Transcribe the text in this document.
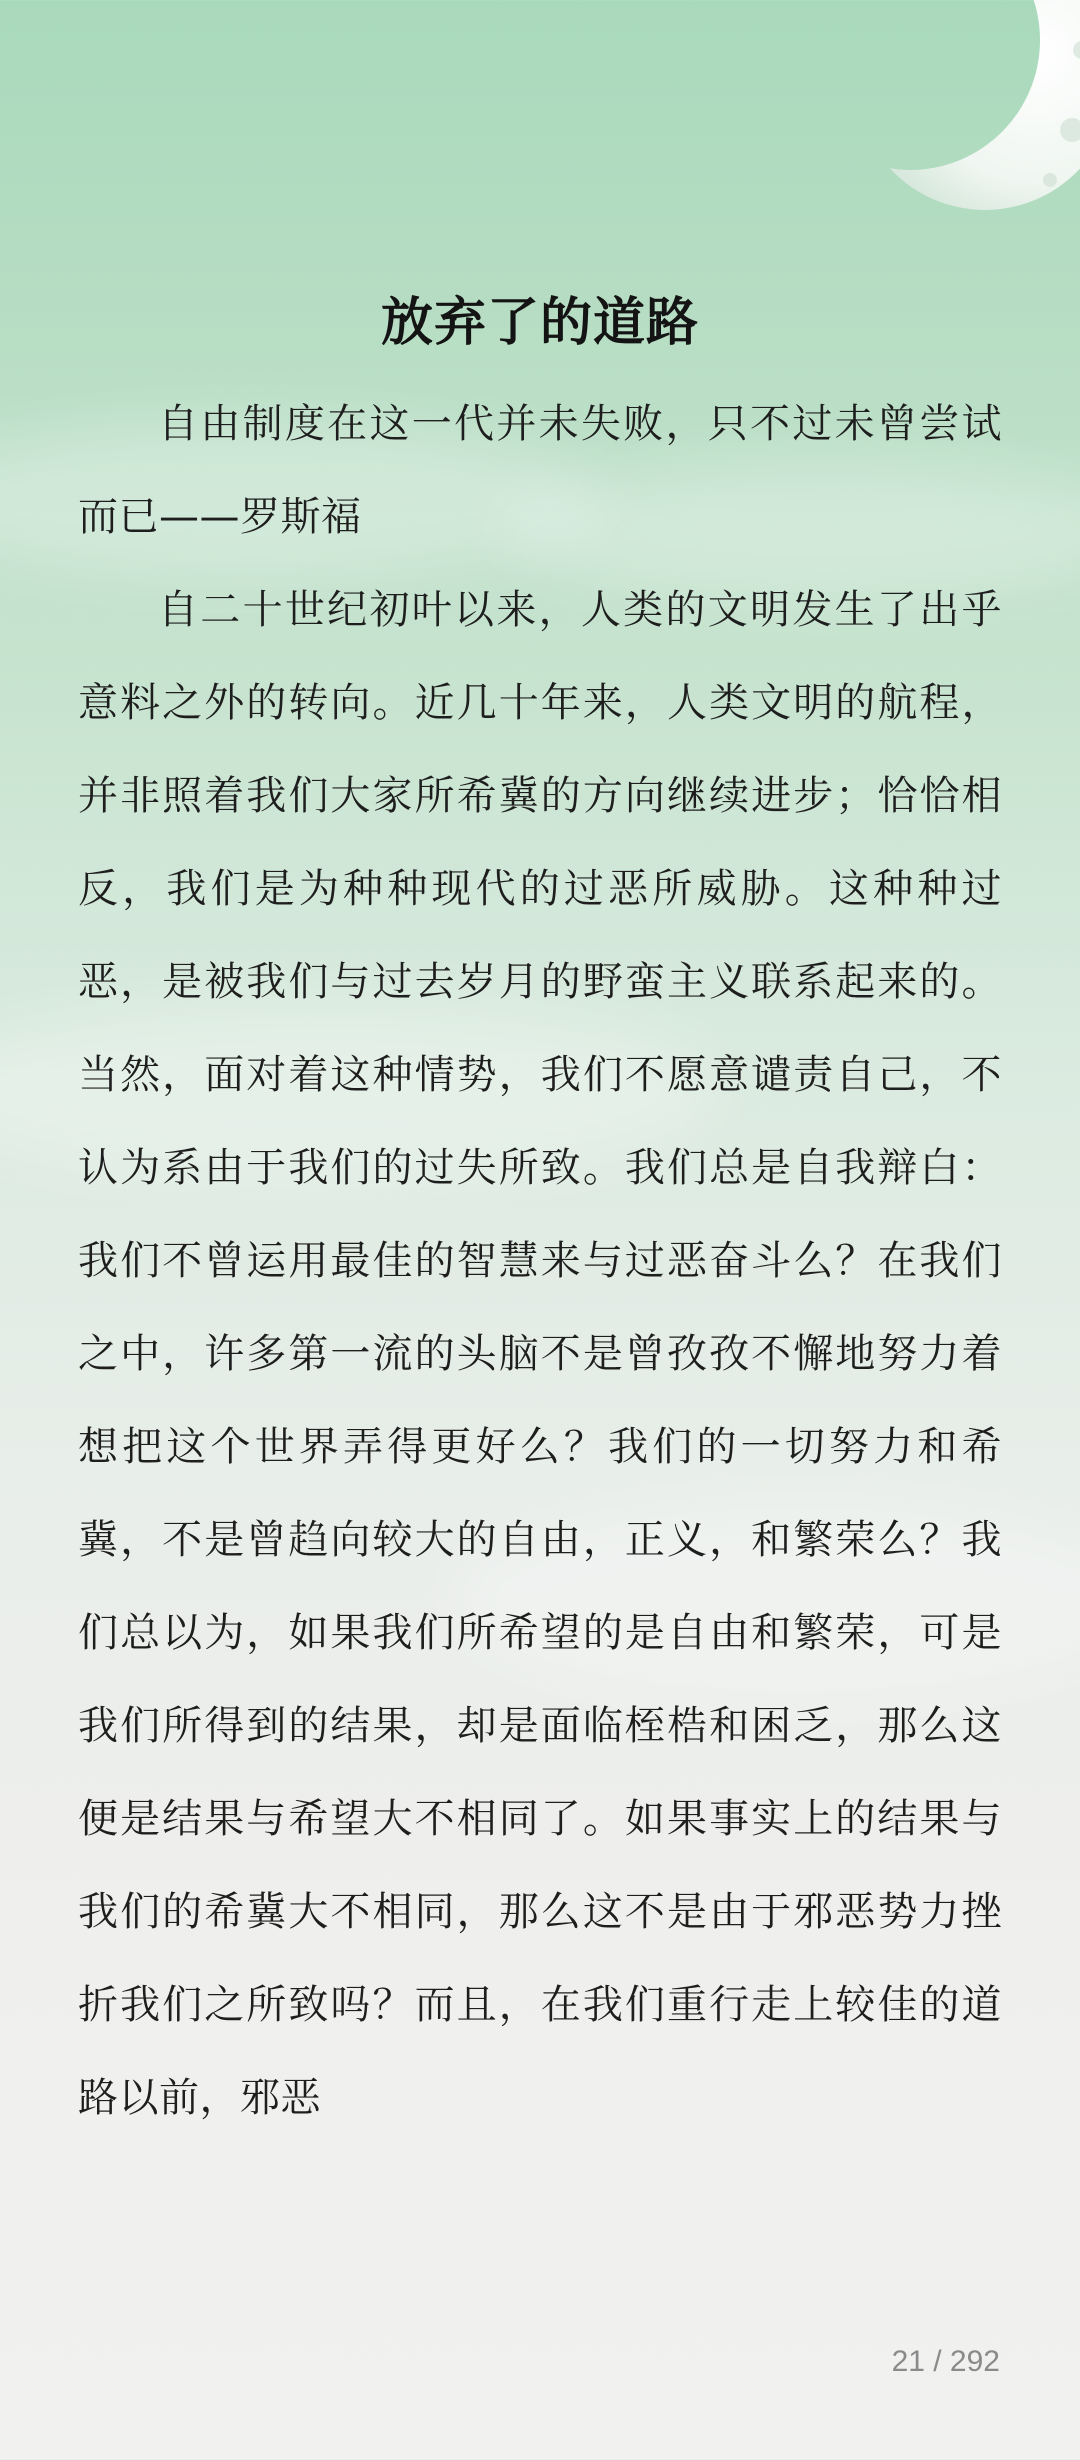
放弃了的道路

自由制度在这一代并未失败，只不过未曾尝试而已——罗斯福

自二十世纪初叶以来，人类的文明发生了出乎意料之外的转向。近几十年来，人类文明的航程，并非照着我们大家所希冀的方向继续进步；恰恰相反，我们是为种种现代的过恶所威胁。这种种过恶，是被我们与过去岁月的野蛮主义联系起来的。当然，面对着这种情势，我们不愿意谴责自己，不认为系由于我们的过失所致。我们总是自我辩白：我们不曾运用最佳的智慧来与过恶奋斗么？在我们之中，许多第一流的头脑不是曾孜孜不懈地努力着想把这个世界弄得更好么？我们的一切努力和希冀，不是曾趋向较大的自由，正义，和繁荣么？我们总以为，如果我们所希望的是自由和繁荣，可是我们所得到的结果，却是面临桎梏和困乏，那么这便是结果与希望大不相同了。如果事实上的结果与我们的希冀大不相同，那么这不是由于邪恶势力挫折我们之所致吗？而且，在我们重行走上较佳的道路以前，邪恶

21 / 292
